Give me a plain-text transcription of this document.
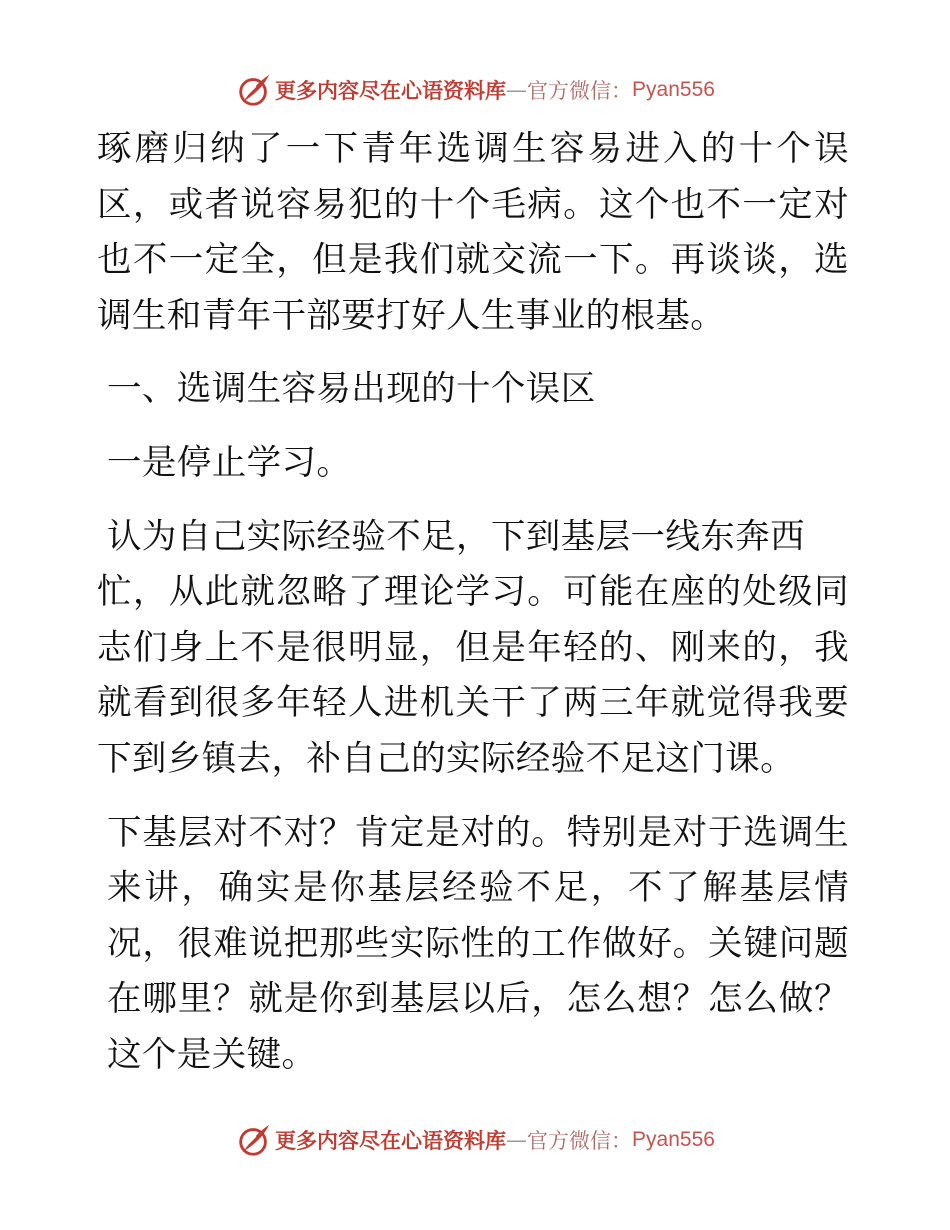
更多内容尽在心语资料库 — 官方微信： Pyan556

琢磨归纳了一下青年选调生容易进入的十个误区，或者说容易犯的十个毛病。这个也不一定对也不一定全，但是我们就交流一下。再谈谈，选调生和青年干部要打好人生事业的根基。

一、选调生容易出现的十个误区

一是停止学习。

认为自己实际经验不足，下到基层一线东奔西

忙，从此就忽略了理论学习。可能在座的处级同志们身上不是很明显，但是年轻的、刚来的，我就看到很多年轻人进机关干了两三年就觉得我要下到乡镇去，补自己的实际经验不足这门课。

下基层对不对？肯定是对的。特别是对于选调生来讲，确实是你基层经验不足，不了解基层情况，很难说把那些实际性的工作做好。关键问题在哪里？就是你到基层以后，怎么想？怎么做？这个是关键。

更多内容尽在心语资料库 — 官方微信： Pyan556
